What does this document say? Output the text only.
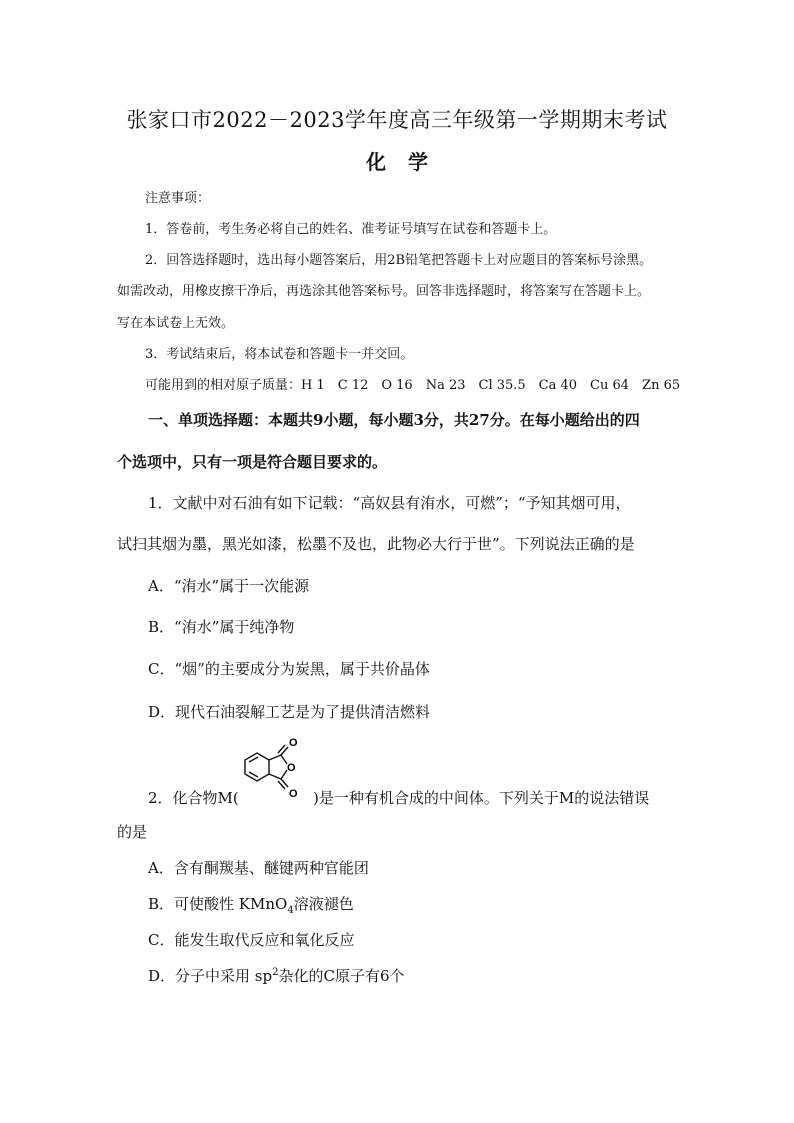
张家口市2022－2023学年度高三年级第一学期期末考试
化学
注意事项：
1．答卷前，考生务必将自己的姓名、准考证号填写在试卷和答题卡上。
2．回答选择题时，选出每小题答案后，用2B铅笔把答题卡上对应题目的答案标号涂黑。
如需改动，用橡皮擦干净后，再选涂其他答案标号。回答非选择题时，将答案写在答题卡上。
写在本试卷上无效。
3．考试结束后，将本试卷和答题卡一并交回。
可能用到的相对原子质量：H 1　C 12　O 16　Na 23　Cl 35.5　Ca 40　Cu 64　Zn 65
一、单项选择题：本题共9小题，每小题3分，共27分。在每小题给出的四
个选项中，只有一项是符合题目要求的。
1．文献中对石油有如下记载：“高奴县有洧水，可燃”；“予知其烟可用，
试扫其烟为墨，黑光如漆，松墨不及也，此物必大行于世”。下列说法正确的是
A．“洧水”属于一次能源
B．“洧水”属于纯净物
C．“烟”的主要成分为炭黑，属于共价晶体
D．现代石油裂解工艺是为了提供清洁燃料
O
O
O
2．化合物M(	)是一种有机合成的中间体。下列关于M的说法错误
的是
A．含有酮羰基、醚键两种官能团
B．可使酸性 KMnO$_4$溶液褪色
C．能发生取代反应和氧化反应
D．分子中采用 $sp^2$杂化的C原子有6个
